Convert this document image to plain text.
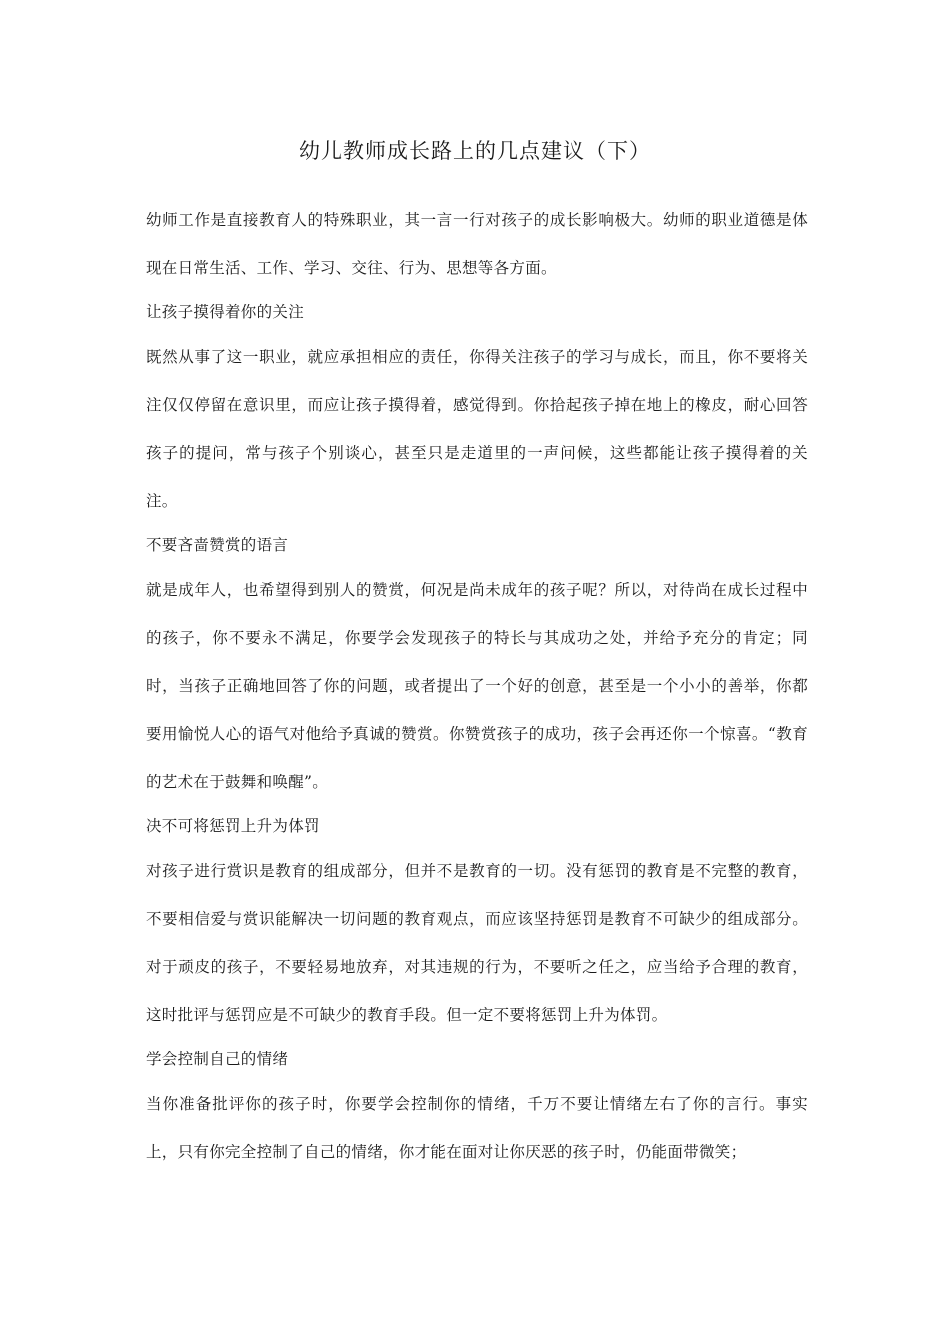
幼儿教师成长路上的几点建议（下）

幼师工作是直接教育人的特殊职业，其一言一行对孩子的成长影响极大。幼师的职业道德是体现在日常生活、工作、学习、交往、行为、思想等各方面。

让孩子摸得着你的关注

既然从事了这一职业，就应承担相应的责任，你得关注孩子的学习与成长，而且，你不要将关注仅仅停留在意识里，而应让孩子摸得着，感觉得到。你拾起孩子掉在地上的橡皮，耐心回答孩子的提问，常与孩子个别谈心，甚至只是走道里的一声问候，这些都能让孩子摸得着的关注。

不要吝啬赞赏的语言

就是成年人，也希望得到别人的赞赏，何况是尚未成年的孩子呢？所以，对待尚在成长过程中的孩子，你不要永不满足，你要学会发现孩子的特长与其成功之处，并给予充分的肯定；同时，当孩子正确地回答了你的问题，或者提出了一个好的创意，甚至是一个小小的善举，你都要用愉悦人心的语气对他给予真诚的赞赏。你赞赏孩子的成功，孩子会再还你一个惊喜。“教育的艺术在于鼓舞和唤醒”。

决不可将惩罚上升为体罚

对孩子进行赏识是教育的组成部分，但并不是教育的一切。没有惩罚的教育是不完整的教育，不要相信爱与赏识能解决一切问题的教育观点，而应该坚持惩罚是教育不可缺少的组成部分。对于顽皮的孩子，不要轻易地放弃，对其违规的行为，不要听之任之，应当给予合理的教育，这时批评与惩罚应是不可缺少的教育手段。但一定不要将惩罚上升为体罚。

学会控制自己的情绪

当你准备批评你的孩子时，你要学会控制你的情绪，千万不要让情绪左右了你的言行。事实上，只有你完全控制了自己的情绪，你才能在面对让你厌恶的孩子时，仍能面带微笑；
